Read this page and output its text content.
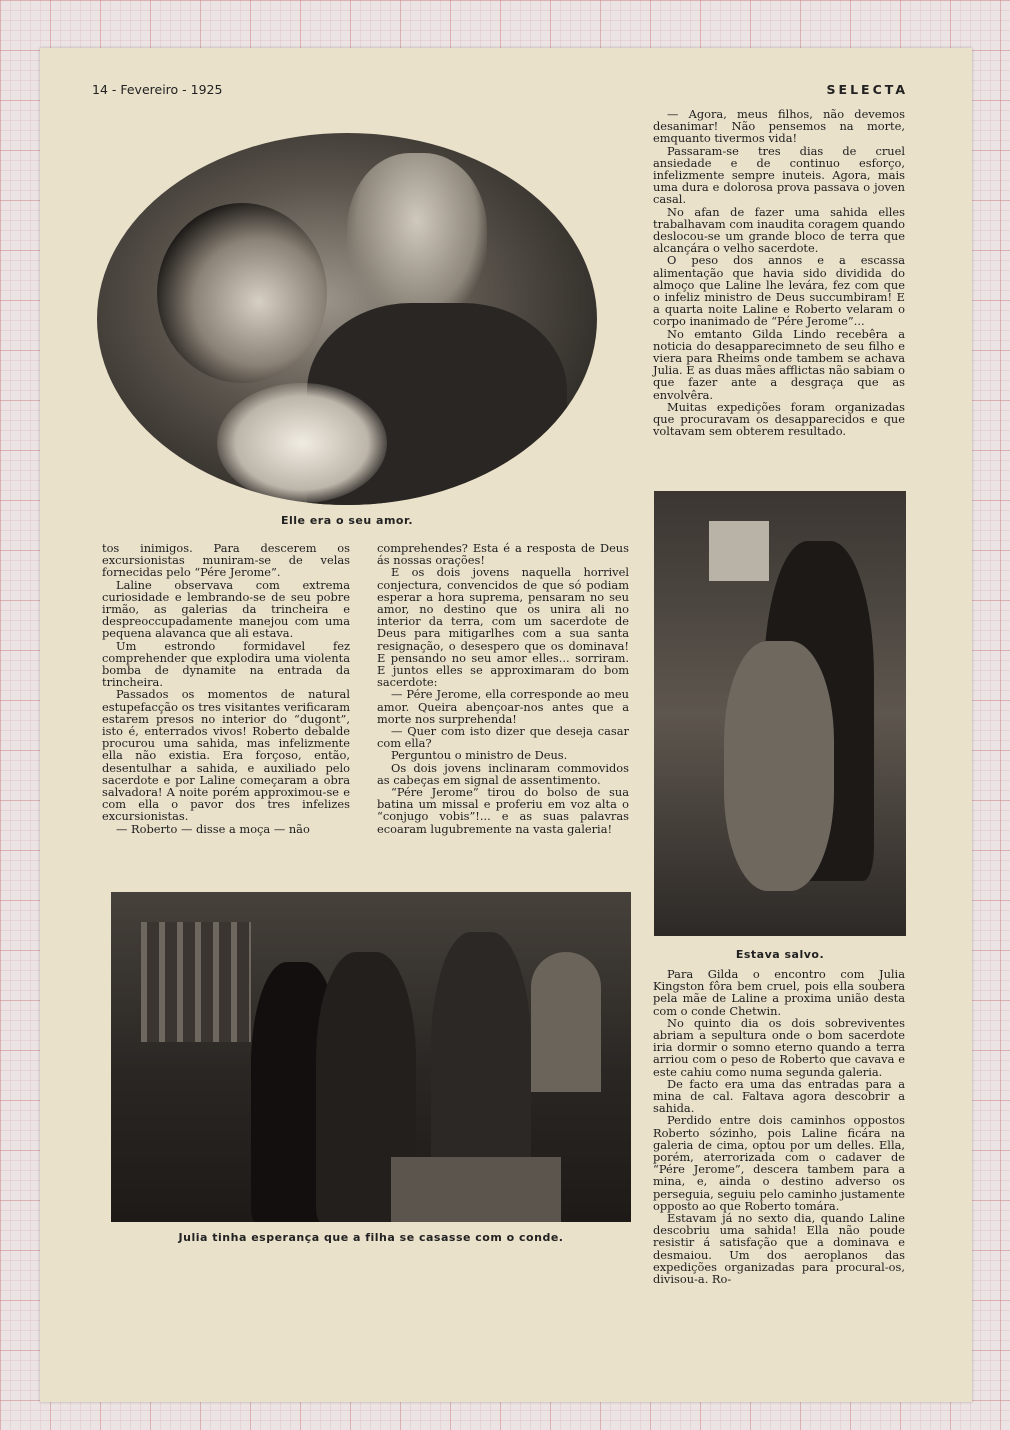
14 - Fevereiro - 1925	SELECTA
Elle era o seu amor.

— Agora, meus filhos, não devemos desanimar! Não pensemos na morte, emquanto tivermos vida!

Passaram-se tres dias de cruel ansiedade e de continuo esforço, infelizmente sempre inuteis. Agora, mais uma dura e dolorosa prova passava o joven casal.

No afan de fazer uma sahida elles trabalhavam com inaudita coragem quando deslocou-se um grande bloco de terra que alcançára o velho sacerdote.

O peso dos annos e a escassa alimentação que havia sido dividida do almoço que Laline lhe levára, fez com que o infeliz ministro de Deus succumbiram! E a quarta noite Laline e Roberto velaram o corpo inanimado de “Pére Jerome”...

No emtanto Gilda Lindo recebêra a noticia do desapparecimneto de seu filho e viera para Rheims onde tambem se achava Julia. E as duas mães afflictas não sabiam o que fazer ante a desgraça que as envolvêra.

Muitas expedições foram organizadas que procuravam os desapparecidos e que voltavam sem obterem resultado.

Estava salvo.

tos inimigos. Para descerem os excursionistas muniram-se de velas fornecidas pelo “Pére Jerome”.

Laline observava com extrema curiosidade e lembrando-se de seu pobre irmão, as galerias da trincheira e despreoccupadamente manejou com uma pequena alavanca que ali estava.

Um estrondo formidavel fez comprehender que explodira uma violenta bomba de dynamite na entrada da trincheira.

Passados os momentos de natural estupefacção os tres visitantes verificaram estarem presos no interior do “dugont”, isto é, enterrados vivos! Roberto debalde procurou uma sahida, mas infelizmente ella não existia. Era forçoso, então, desentulhar a sahida, e auxiliado pelo sacerdote e por Laline começaram a obra salvadora! A noite porém approximou-se e com ella o pavor dos tres infelizes excursionistas.

— Roberto — disse a moça — não

comprehendes? Esta é a resposta de Deus ás nossas orações!

E os dois jovens naquella horrivel conjectura, convencidos de que só podiam esperar a hora suprema, pensaram no seu amor, no destino que os unira ali no interior da terra, com um sacerdote de Deus para mitigarlhes com a sua santa resignação, o desespero que os dominava! E pensando no seu amor elles... sorriram. E juntos elles se approximaram do bom sacerdote:

— Pére Jerome, ella corresponde ao meu amor. Queira abençoar-nos antes que a morte nos surprehenda!

— Quer com isto dizer que deseja casar com ella?

Perguntou o ministro de Deus.

Os dois jovens inclinaram commovidos as cabeças em signal de assentimento.

“Pére Jerome” tirou do bolso de sua batina um missal e proferiu em voz alta o “conjugo vobis”!... e as suas palavras ecoaram lugubremente na vasta galeria!

Julia tinha esperança que a filha se casasse com o conde.

Para Gilda o encontro com Julia Kingston fôra bem cruel, pois ella soubera pela mãe de Laline a proxima união desta com o conde Chetwin.

No quinto dia os dois sobreviventes abriam a sepultura onde o bom sacerdote iria dormir o somno eterno quando a terra arriou com o peso de Roberto que cavava e este cahiu como numa segunda galeria.

De facto era uma das entradas para a mina de cal. Faltava agora descobrir a sahida.

Perdido entre dois caminhos oppostos Roberto sózinho, pois Laline ficára na galeria de cima, optou por um delles. Ella, porém, aterrorizada com o cadaver de “Pére Jerome”, descera tambem para a mina, e, ainda o destino adverso os perseguia, seguiu pelo caminho justamente opposto ao que Roberto tomára.

Estavam já no sexto dia, quando Laline descobriu uma sahida! Ella não poude resistir á satisfação que a dominava e desmaiou. Um dos aeroplanos das expedições organizadas para procural-os, divisou-a. Ro-
